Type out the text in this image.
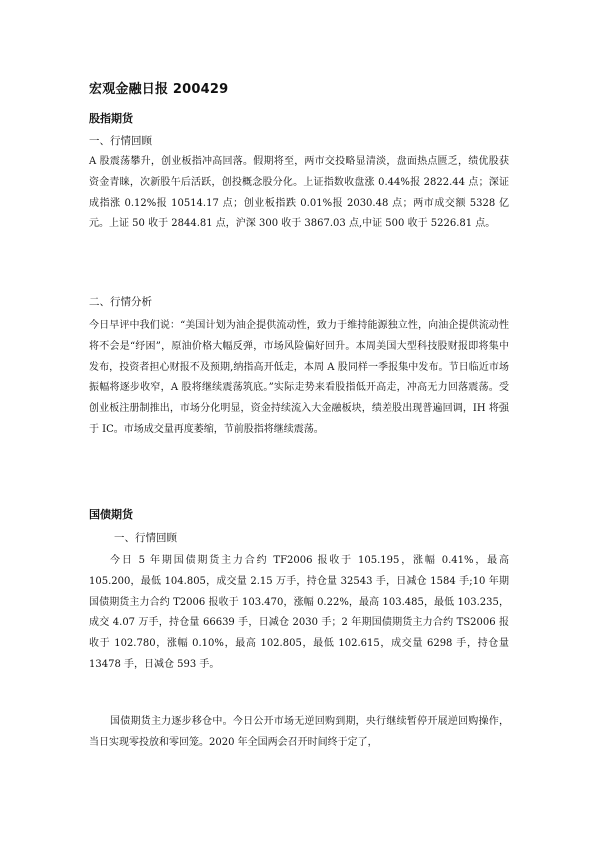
宏观金融日报 200429
股指期货
一、行情回顾

A 股震荡攀升，创业板指冲高回落。假期将至，两市交投略显清淡，盘面热点匮乏，绩优股获资金青睐，次新股午后活跃，创投概念股分化。上证指数收盘涨 0.44%报 2822.44 点；深证成指涨 0.12%报 10514.17 点；创业板指跌 0.01%报 2030.48 点；两市成交额 5328 亿元。上证 50 收于 2844.81 点，沪深 300 收于 3867.03 点,中证 500 收于 5226.81 点。

二、行情分析

今日早评中我们说：“美国计划为油企提供流动性，致力于维持能源独立性，向油企提供流动性将不会是“纾困”，原油价格大幅反弹，市场风险偏好回升。本周美国大型科技股财报即将集中发布，投资者担心财报不及预期,纳指高开低走，本周 A 股同样一季报集中发布。节日临近市场振幅将逐步收窄，A 股将继续震荡筑底。”实际走势来看股指低开高走，冲高无力回落震荡。受创业板注册制推出，市场分化明显，资金持续流入大金融板块，绩差股出现普遍回调，IH 将强于 IC。市场成交量再度萎缩，节前股指将继续震荡。

国债期货
一、行情回顾

今日 5 年期国债期货主力合约 TF2006 报收于 105.195，涨幅 0.41%，最高 105.200，最低 104.805，成交量 2.15 万手，持仓量 32543 手，日减仓 1584 手;10 年期国债期货主力合约 T2006 报收于 103.470，涨幅 0.22%，最高 103.485，最低 103.235，成交 4.07 万手，持仓量 66639 手，日减仓 2030 手；2 年期国债期货主力合约 TS2006 报收于 102.780，涨幅 0.10%，最高 102.805，最低 102.615，成交量 6298 手，持仓量 13478 手，日减仓 593 手。

国债期货主力逐步移仓中。今日公开市场无逆回购到期，央行继续暂停开展逆回购操作，当日实现零投放和零回笼。2020 年全国两会召开时间终于定了，
